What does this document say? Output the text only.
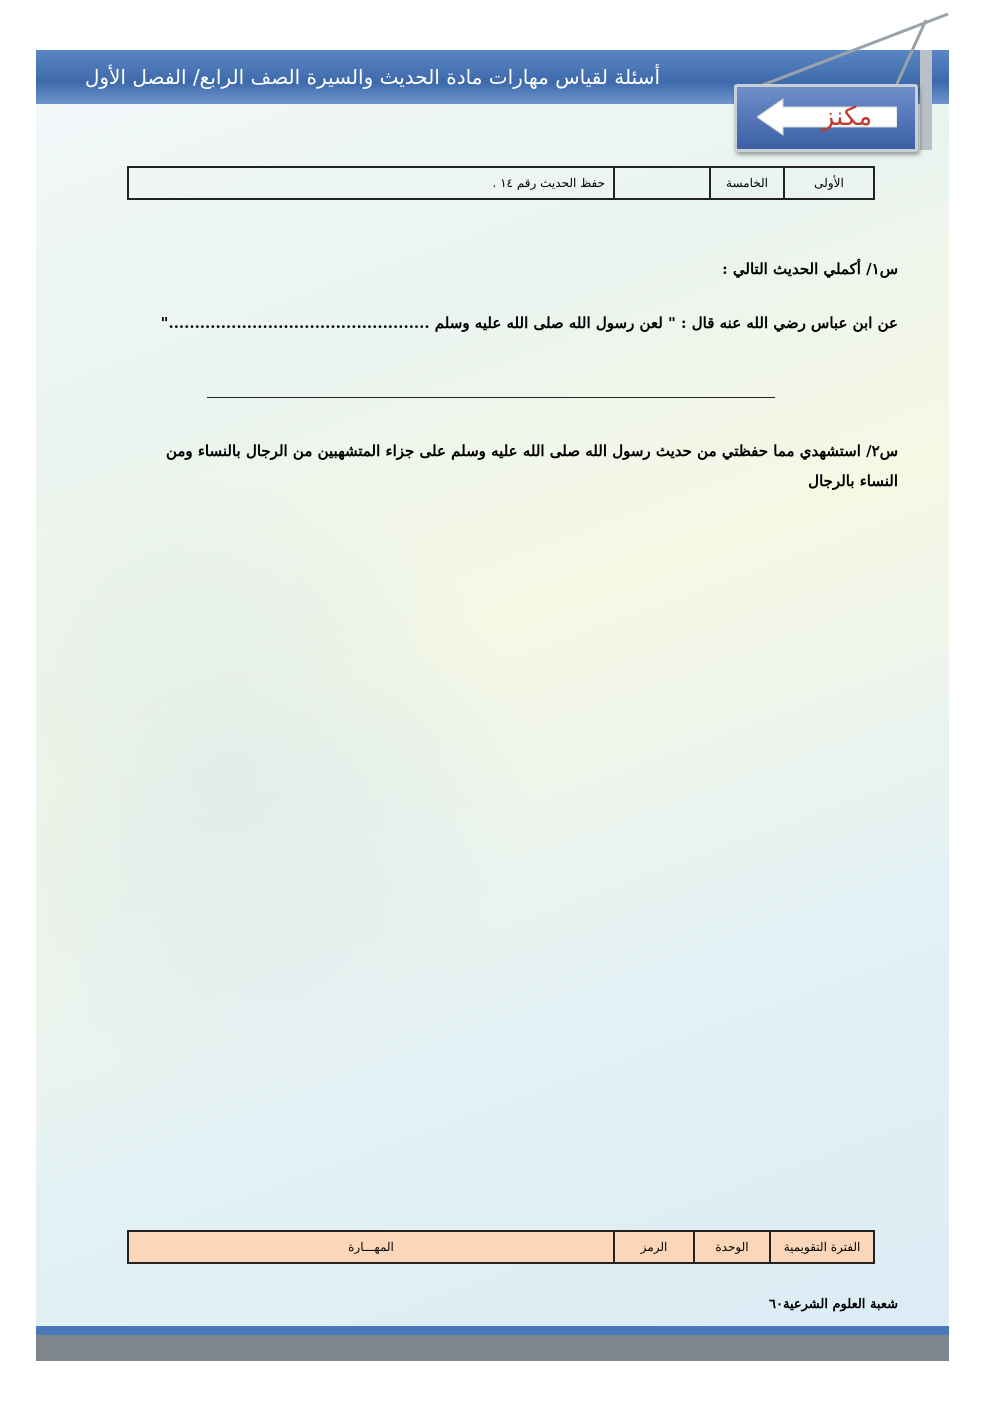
أسئلة لقياس مهارات مادة الحديث والسيرة الصف الرابع/ الفصل الأول
مكنز
الأولى	الخامسة		حفظ الحديث رقم ١٤ .
س١/ أكملي الحديث التالي :
عن ابن عباس رضي الله عنه قال : " لعن رسول الله صلى الله عليه وسلم .................................................."
س٢/ استشهدي مما حفظتي من حديث رسول الله صلى الله عليه وسلم على جزاء المتشهبين من الرجال بالنساء ومن النساء بالرجال
الفترة التقويمية	الوحدة	الرمز	المهـــارة
شعبة العلوم الشرعية٦٠
